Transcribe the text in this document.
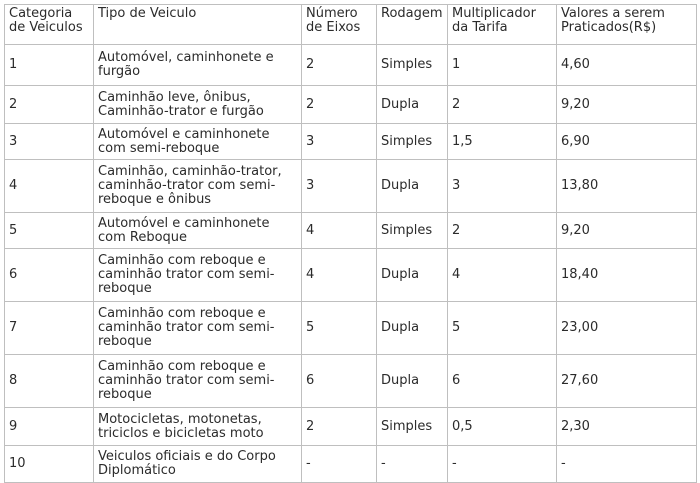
Categoria de Veiculos	Tipo de Veiculo	Número de Eixos	Rodagem	Multiplicador da Tarifa	Valores a serem Praticados(R$)
1	Automóvel, caminhonete e furgão	2	Simples	1	4,60
2	Caminhão leve, ônibus, Caminhão-trator e furgão	2	Dupla	2	9,20
3	Automóvel e caminhonete com semi-reboque	3	Simples	1,5	6,90
4	Caminhão, caminhão-trator, caminhão-trator com semi-reboque e ônibus	3	Dupla	3	13,80
5	Automóvel e caminhonete com Reboque	4	Simples	2	9,20
6	Caminhão com reboque e caminhão trator com semi-reboque	4	Dupla	4	18,40
7	Caminhão com reboque e caminhão trator com semi-reboque	5	Dupla	5	23,00
8	Caminhão com reboque e caminhão trator com semi-reboque	6	Dupla	6	27,60
9	Motocicletas, motonetas, triciclos e bicicletas moto	2	Simples	0,5	2,30
10	Veiculos oficiais e do Corpo Diplomático	-	-	-	-
